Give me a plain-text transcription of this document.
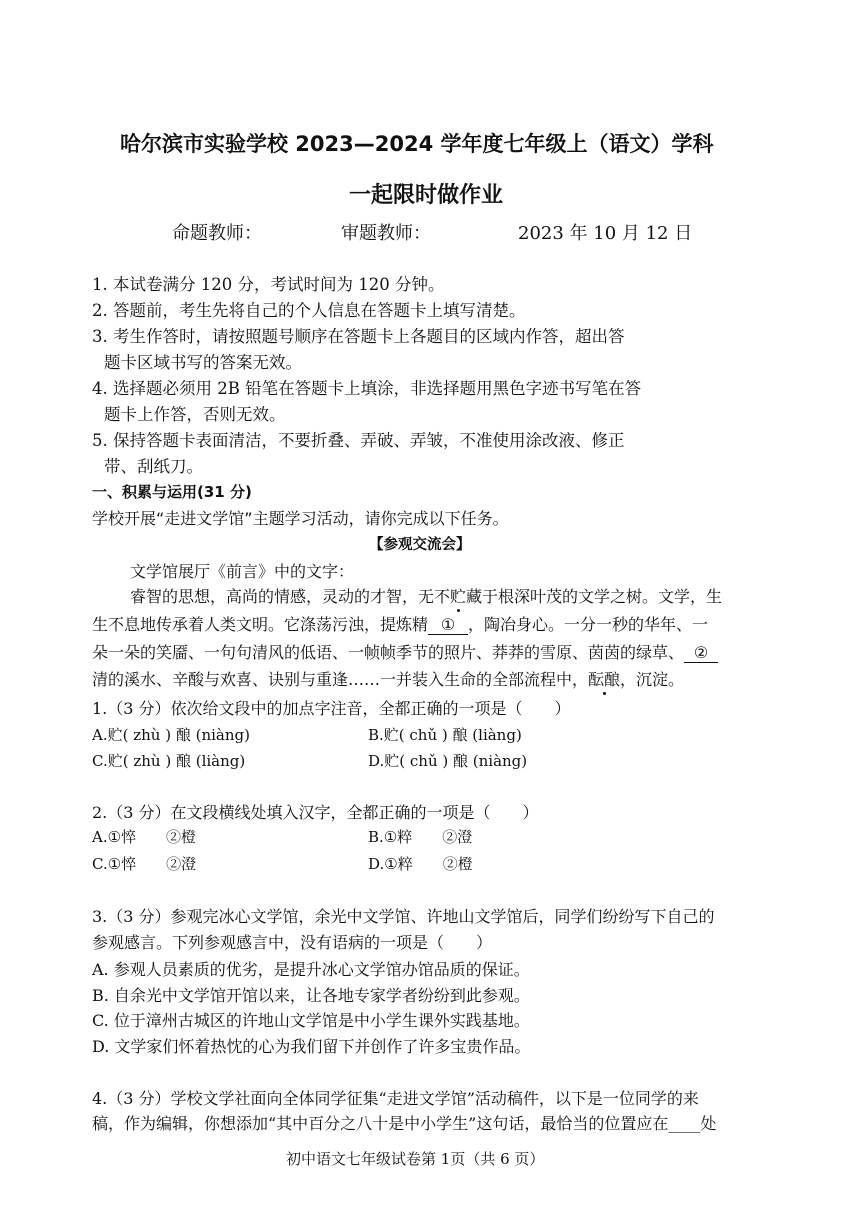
哈尔滨市实验学校 2023—2024 学年度七年级上（语文）学科
一起限时做作业
命题教师：	审题教师：	2023 年 10 月 12 日
1. 本试卷满分 120 分，考试时间为 120 分钟。
2. 答题前，考生先将自己的个人信息在答题卡上填写清楚。
3. 考生作答时，请按照题号顺序在答题卡上各题目的区域内作答，超出答
题卡区域书写的答案无效。
4. 选择题必须用 2B 铅笔在答题卡上填涂，非选择题用黑色字迹书写笔在答
题卡上作答，否则无效。
5. 保持答题卡表面清洁，不要折叠、弄破、弄皱，不准使用涂改液、修正
带、刮纸刀。
一、积累与运用(31 分)
学校开展“走进文学馆”主题学习活动，请你完成以下任务。
【参观交流会】
文学馆展厅《前言》中的文字：
睿智的思想，高尚的情感，灵动的才智，无不贮藏于根深叶茂的文学之树。文学，生
生不息地传承着人类文明。它涤荡污浊，提炼精 ① ，陶冶身心。一分一秒的华年、一
朵一朵的笑靥、一句句清风的低语、一帧帧季节的照片、莽莽的雪原、茵茵的绿草、 ②
清的溪水、辛酸与欢喜、诀别与重逢……一并装入生命的全部流程中，酝酿，沉淀。
1.（3 分）依次给文段中的加点字注音，全都正确的一项是（　　）
A.贮( zhù ) 酿 (niàng)	B.贮( chǔ ) 酿 (liàng)
C.贮( zhù ) 酿 (liàng)	D.贮( chǔ ) 酿 (niàng)
2.（3 分）在文段横线处填入汉字，全都正确的一项是（　　）
A.①悴　　②橙	B.①粹　　②澄
C.①悴　　②澄	D.①粹　　②橙
3.（3 分）参观完冰心文学馆，余光中文学馆、许地山文学馆后，同学们纷纷写下自己的
参观感言。下列参观感言中，没有语病的一项是（　　）
A. 参观人员素质的优劣，是提升冰心文学馆办馆品质的保证。
B. 自余光中文学馆开馆以来，让各地专家学者纷纷到此参观。
C. 位于漳州古城区的许地山文学馆是中小学生课外实践基地。
D. 文学家们怀着热忱的心为我们留下并创作了许多宝贵作品。
4.（3 分）学校文学社面向全体同学征集“走进文学馆”活动稿件，以下是一位同学的来
稿，作为编辑，你想添加“其中百分之八十是中小学生”这句话，最恰当的位置应在____处
初中语文七年级试卷第 1页（共 6 页）
